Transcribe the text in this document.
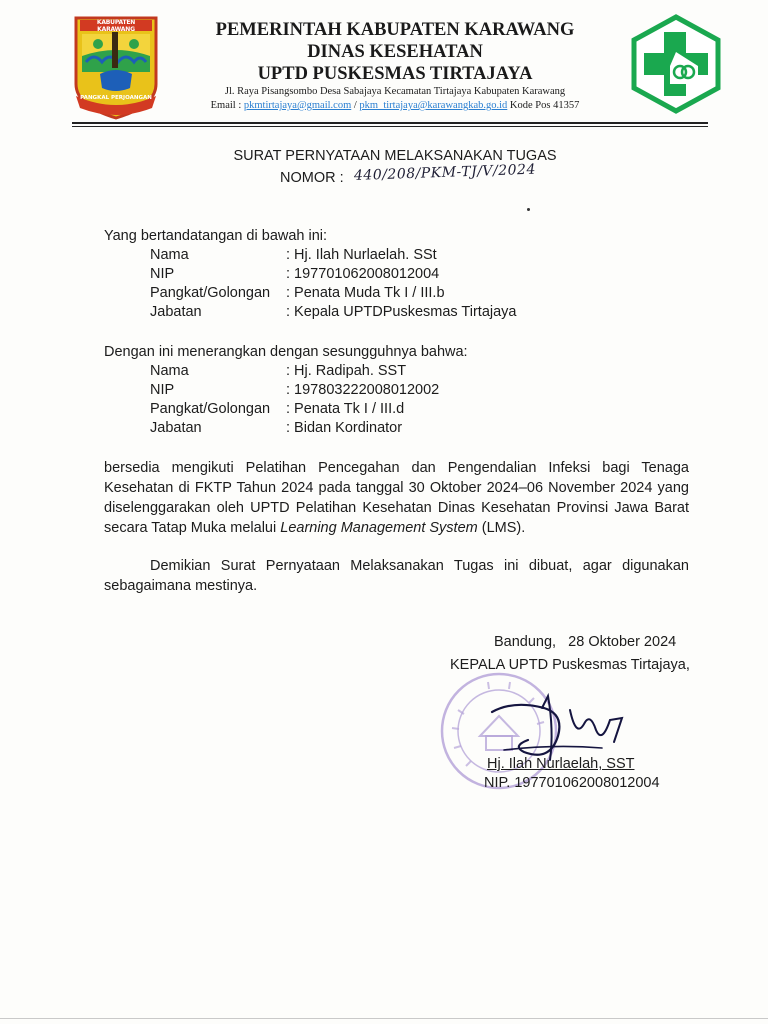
KABUPATEN KARAWANG
PANGKAL PERJOANGAN
PEMERINTAH KABUPATEN KARAWANG
DINAS KESEHATAN
UPTD PUSKESMAS TIRTAJAYA
Jl. Raya Pisangsombo Desa Sabajaya Kecamatan Tirtajaya Kabupaten Karawang
Email : pkmtirtajaya@gmail.com / pkm_tirtajaya@karawangkab.go.id Kode Pos 41357
SURAT PERNYATAAN MELAKSANAKAN TUGAS
NOMOR : 440/208/PKM-TJ/V/2024
Yang bertandatangan di bawah ini:
Nama	: Hj. Ilah Nurlaelah. SSt
NIP	: 197701062008012004
Pangkat/Golongan : Penata Muda Tk I / III.b
Jabatan	: Kepala UPTDPuskesmas Tirtajaya
Dengan ini menerangkan dengan sesungguhnya bahwa:
Nama	: Hj. Radipah. SST
NIP	: 197803222008012002
Pangkat/Golongan : Penata Tk I / III.d
Jabatan	: Bidan Kordinator
bersedia mengikuti Pelatihan Pencegahan dan Pengendalian Infeksi bagi Tenaga Kesehatan di FKTP Tahun 2024 pada tanggal 30 Oktober 2024–06 November 2024 yang diselenggarakan oleh UPTD Pelatihan Kesehatan Dinas Kesehatan Provinsi Jawa Barat secara Tatap Muka melalui Learning Management System (LMS).
Demikian Surat Pernyataan Melaksanakan Tugas ini dibuat, agar digunakan sebagaimana mestinya.
Bandung,   28 Oktober 2024
KEPALA UPTD Puskesmas Tirtajaya,
Hj. Ilah Nurlaelah, SST
NIP. 197701062008012004
